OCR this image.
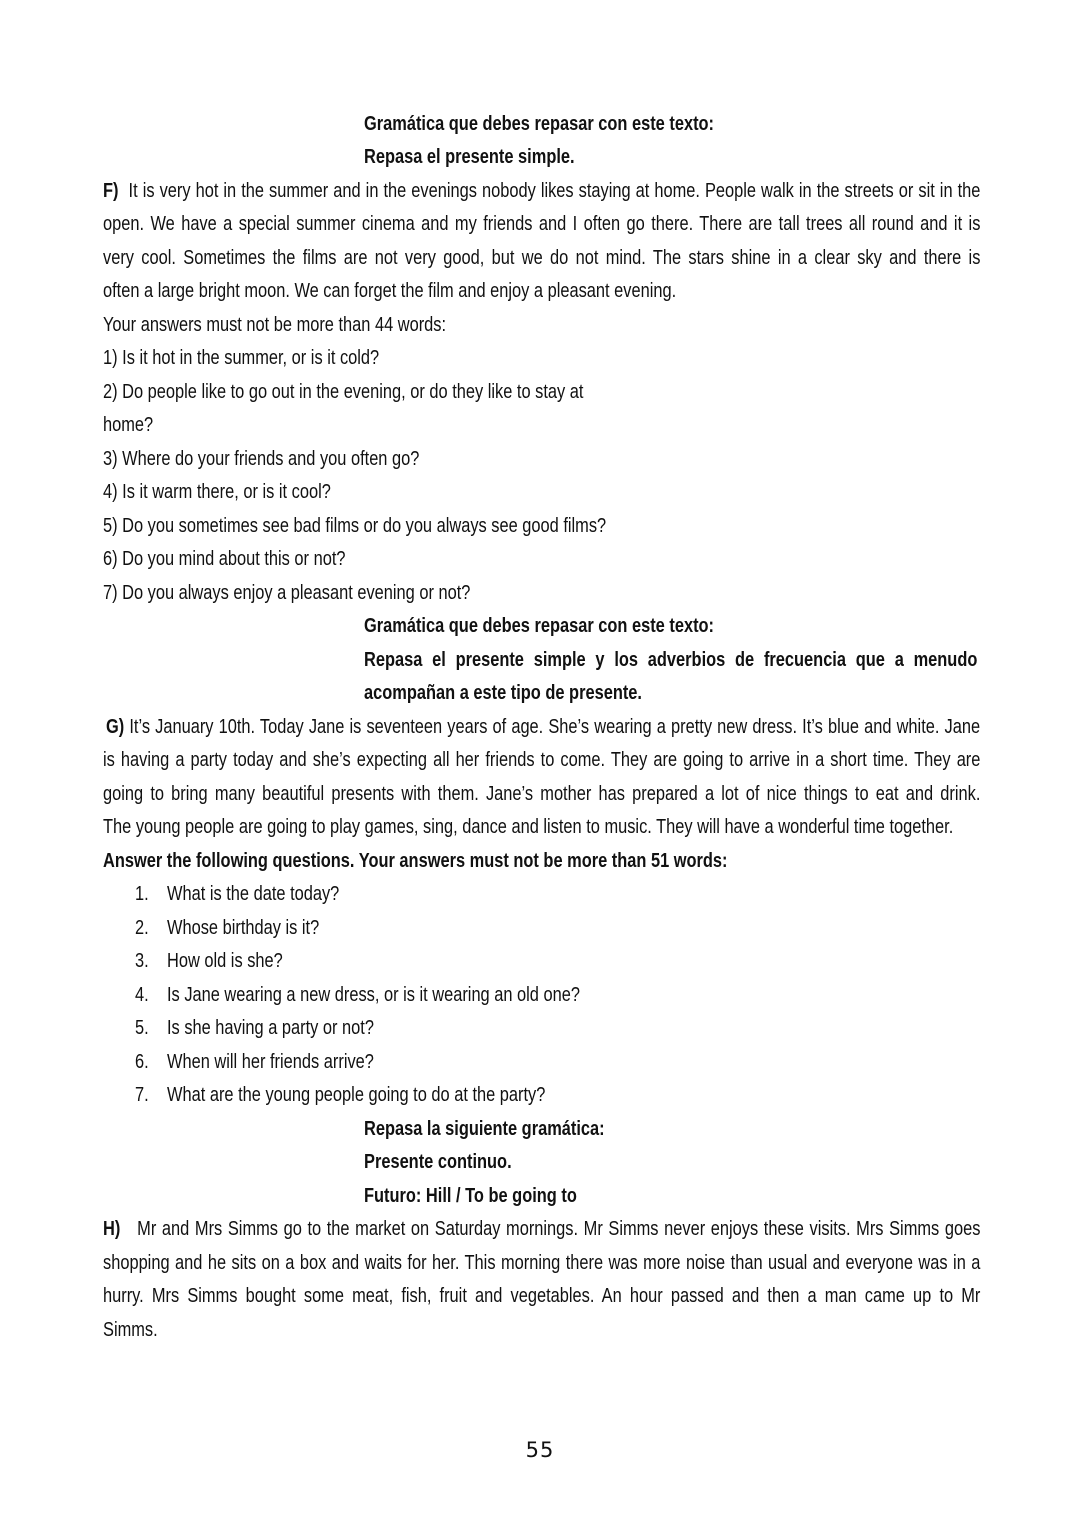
Gramática que debes repasar con este texto:
Repasa el presente simple.
F) It is very hot in the summer and in the evenings nobody likes staying at home. People walk in the streets or sit in the
open. We have a special summer cinema and my friends and I often go there. There are tall trees all round and it is
very cool. Sometimes the films are not very good, but we do not mind. The stars shine in a clear sky and there is
often a large bright moon. We can forget the film and enjoy a pleasant evening.
Your answers must not be more than 44 words:
1) Is it hot in the summer, or is it cold?
2) Do people like to go out in the evening, or do they like to stay at
home?
3) Where do your friends and you often go?
4) Is it warm there, or is it cool?
5) Do you sometimes see bad films or do you always see good films?
6) Do you mind about this or not?
7) Do you always enjoy a pleasant evening or not?
Gramática que debes repasar con este texto:
Repasa el presente simple y los adverbios de frecuencia que a menudo
acompañan a este tipo de presente.
G) It’s January 10th. Today Jane is seventeen years of age. She’s wearing a pretty new dress. It’s blue and white. Jane
is having a party today and she’s expecting all her friends to come. They are going to arrive in a short time. They are
going to bring many beautiful presents with them. Jane’s mother has prepared a lot of nice things to eat and drink.
The young people are going to play games, sing, dance and listen to music. They will have a wonderful time together.
Answer the following questions. Your answers must not be more than 51 words:
1. What is the date today?
2. Whose birthday is it?
3. How old is she?
4. Is Jane wearing a new dress, or is it wearing an old one?
5. Is she having a party or not?
6. When will her friends arrive?
7. What are the young people going to do at the party?
Repasa la siguiente gramática:
Presente continuo.
Futuro: Hill / To be going to
H) Mr and Mrs Simms go to the market on Saturday mornings. Mr Simms never enjoys these visits. Mrs Simms goes
shopping and he sits on a box and waits for her. This morning there was more noise than usual and everyone was in a
hurry. Mrs Simms bought some meat, fish, fruit and vegetables. An hour passed and then a man came up to Mr
Simms.
55
